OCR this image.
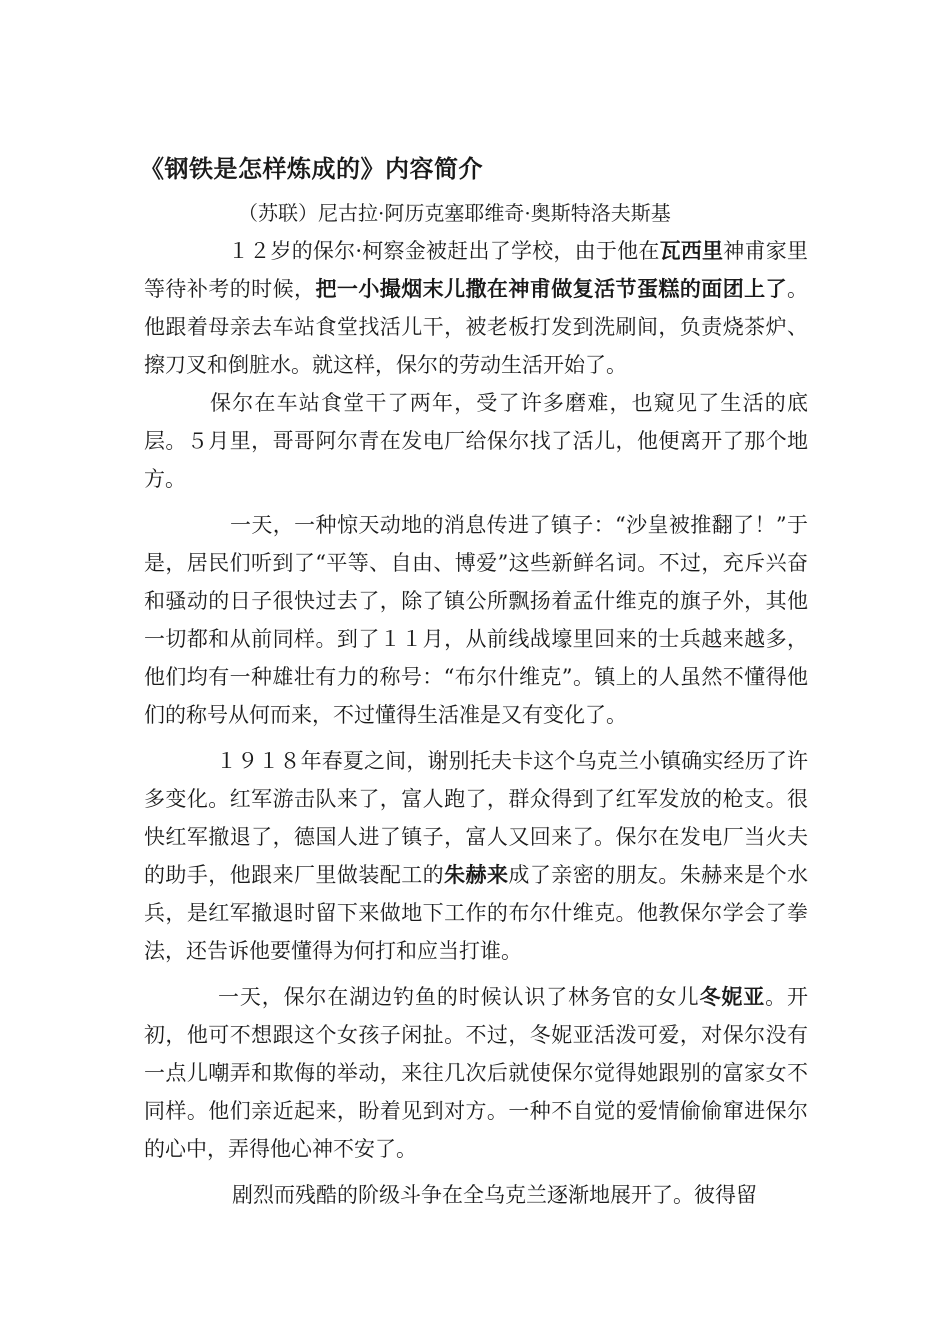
《钢铁是怎样炼成的》内容简介
（苏联）尼古拉·阿历克塞耶维奇·奥斯特洛夫斯基

１２岁的保尔·柯察金被赶出了学校，由于他在瓦西里神甫家里等待补考的时候，把一小撮烟末儿撒在神甫做复活节蛋糕的面团上了。他跟着母亲去车站食堂找活儿干，被老板打发到洗刷间，负责烧茶炉、擦刀叉和倒脏水。就这样，保尔的劳动生活开始了。

保尔在车站食堂干了两年，受了许多磨难，也窥见了生活的底层。５月里，哥哥阿尔青在发电厂给保尔找了活儿，他便离开了那个地方。

一天，一种惊天动地的消息传进了镇子：“沙皇被推翻了！”于是，居民们听到了“平等、自由、博爱”这些新鲜名词。不过，充斥兴奋和骚动的日子很快过去了，除了镇公所飘扬着孟什维克的旗子外，其他一切都和从前同样。到了１１月，从前线战壕里回来的士兵越来越多，他们均有一种雄壮有力的称号：“布尔什维克”。镇上的人虽然不懂得他们的称号从何而来，不过懂得生活准是又有变化了。

１９１８年春夏之间，谢别托夫卡这个乌克兰小镇确实经历了许多变化。红军游击队来了，富人跑了，群众得到了红军发放的枪支。很快红军撤退了，德国人进了镇子，富人又回来了。保尔在发电厂当火夫的助手，他跟来厂里做装配工的朱赫来成了亲密的朋友。朱赫来是个水兵，是红军撤退时留下来做地下工作的布尔什维克。他教保尔学会了拳法，还告诉他要懂得为何打和应当打谁。

一天，保尔在湖边钓鱼的时候认识了林务官的女儿冬妮亚。开初，他可不想跟这个女孩子闲扯。不过，冬妮亚活泼可爱，对保尔没有一点儿嘲弄和欺侮的举动，来往几次后就使保尔觉得她跟别的富家女不同样。他们亲近起来，盼着见到对方。一种不自觉的爱情偷偷窜进保尔的心中，弄得他心神不安了。

剧烈而残酷的阶级斗争在全乌克兰逐渐地展开了。彼得留
